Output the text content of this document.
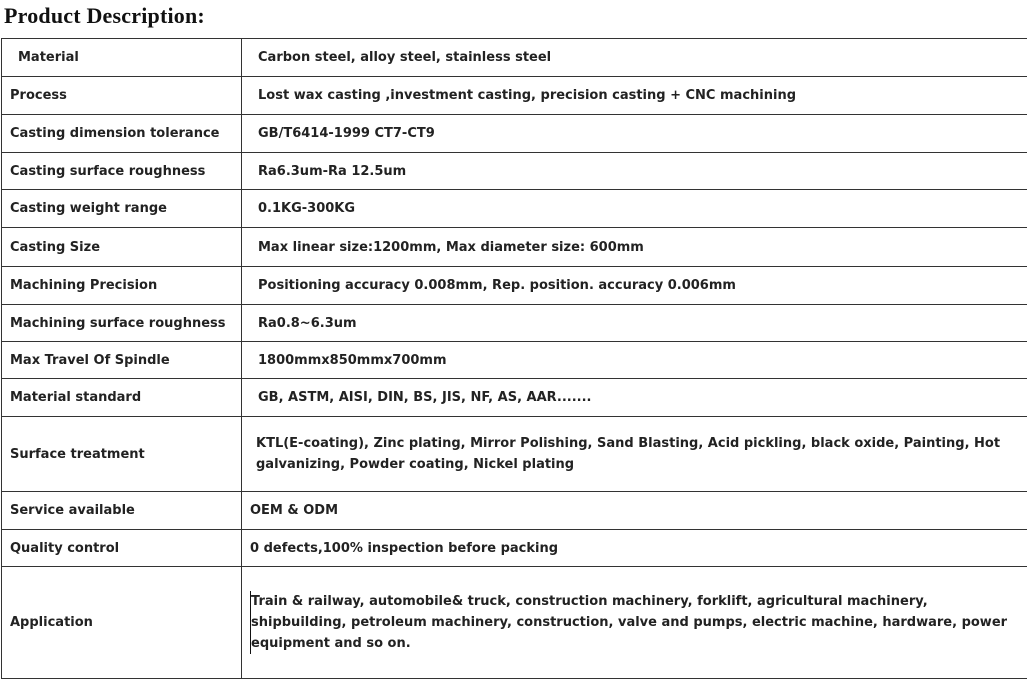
Product Description:
Material	Carbon steel, alloy steel, stainless steel
Process	Lost wax casting ,investment casting, precision casting + CNC machining
Casting dimension tolerance	GB/T6414-1999 CT7-CT9
Casting surface roughness	Ra6.3um-Ra 12.5um
Casting weight range	0.1KG-300KG
Casting Size	Max linear size:1200mm, Max diameter size: 600mm
Machining Precision	Positioning accuracy 0.008mm, Rep. position. accuracy 0.006mm
Machining surface roughness	Ra0.8~6.3um
Max Travel Of Spindle	1800mmx850mmx700mm
Material standard	GB, ASTM, AISI, DIN, BS, JIS, NF, AS, AAR.......
Surface treatment	KTL(E-coating), Zinc plating, Mirror Polishing, Sand Blasting, Acid pickling, black oxide, Painting, Hot galvanizing, Powder coating, Nickel plating
Service available	OEM & ODM
Quality control	0 defects,100% inspection before packing
Application	Train & railway, automobile& truck, construction machinery, forklift, agricultural machinery, shipbuilding, petroleum machinery, construction, valve and pumps, electric machine, hardware, power equipment and so on.
